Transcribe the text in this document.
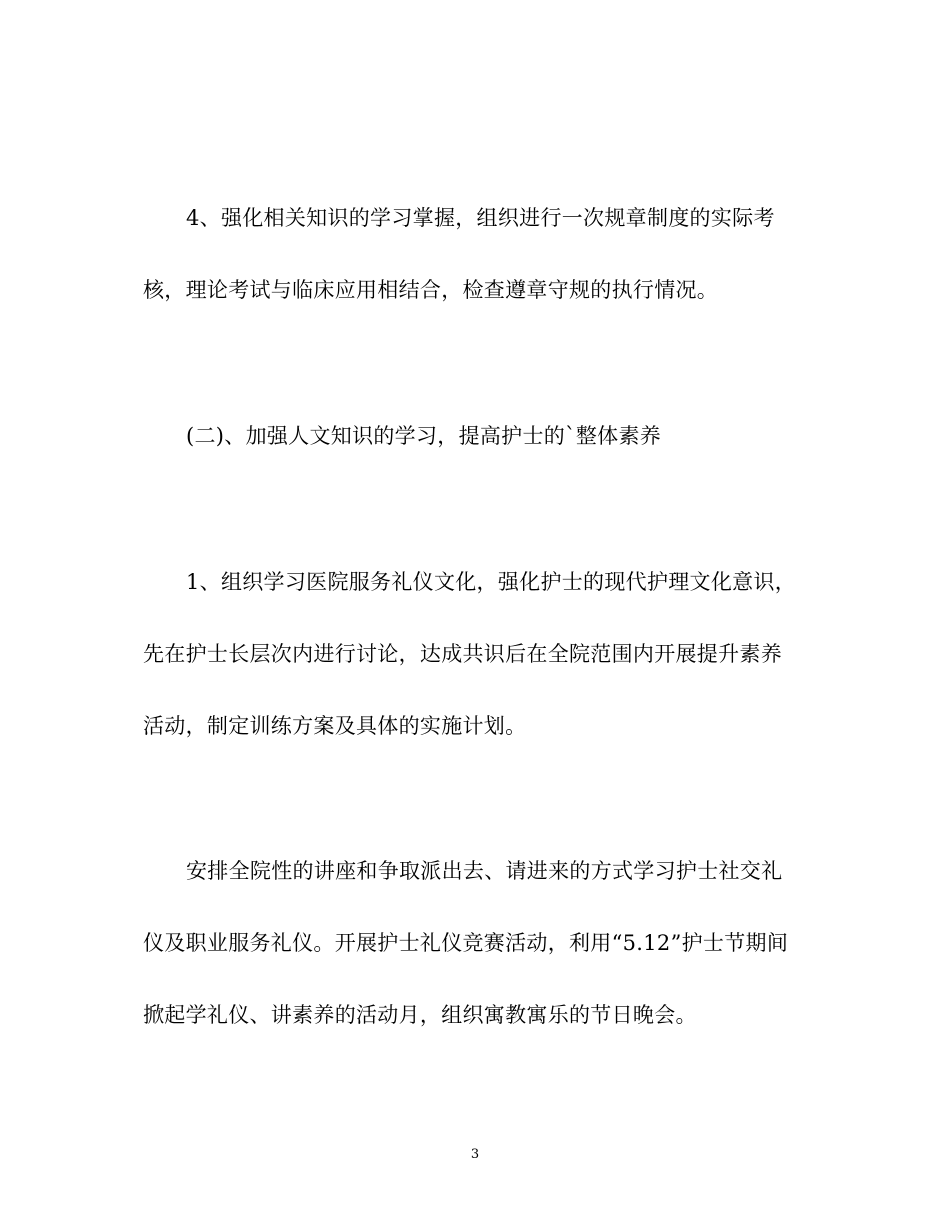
4、强化相关知识的学习掌握，组织进行一次规章制度的实际考
核，理论考试与临床应用相结合，检查遵章守规的执行情况。
(二)、加强人文知识的学习，提高护士的`整体素养
1、组织学习医院服务礼仪文化，强化护士的现代护理文化意识，
先在护士长层次内进行讨论，达成共识后在全院范围内开展提升素养
活动，制定训练方案及具体的实施计划。
安排全院性的讲座和争取派出去、请进来的方式学习护士社交礼
仪及职业服务礼仪。开展护士礼仪竞赛活动，利用“5.12”护士节期间
掀起学礼仪、讲素养的活动月，组织寓教寓乐的节日晚会。
3
